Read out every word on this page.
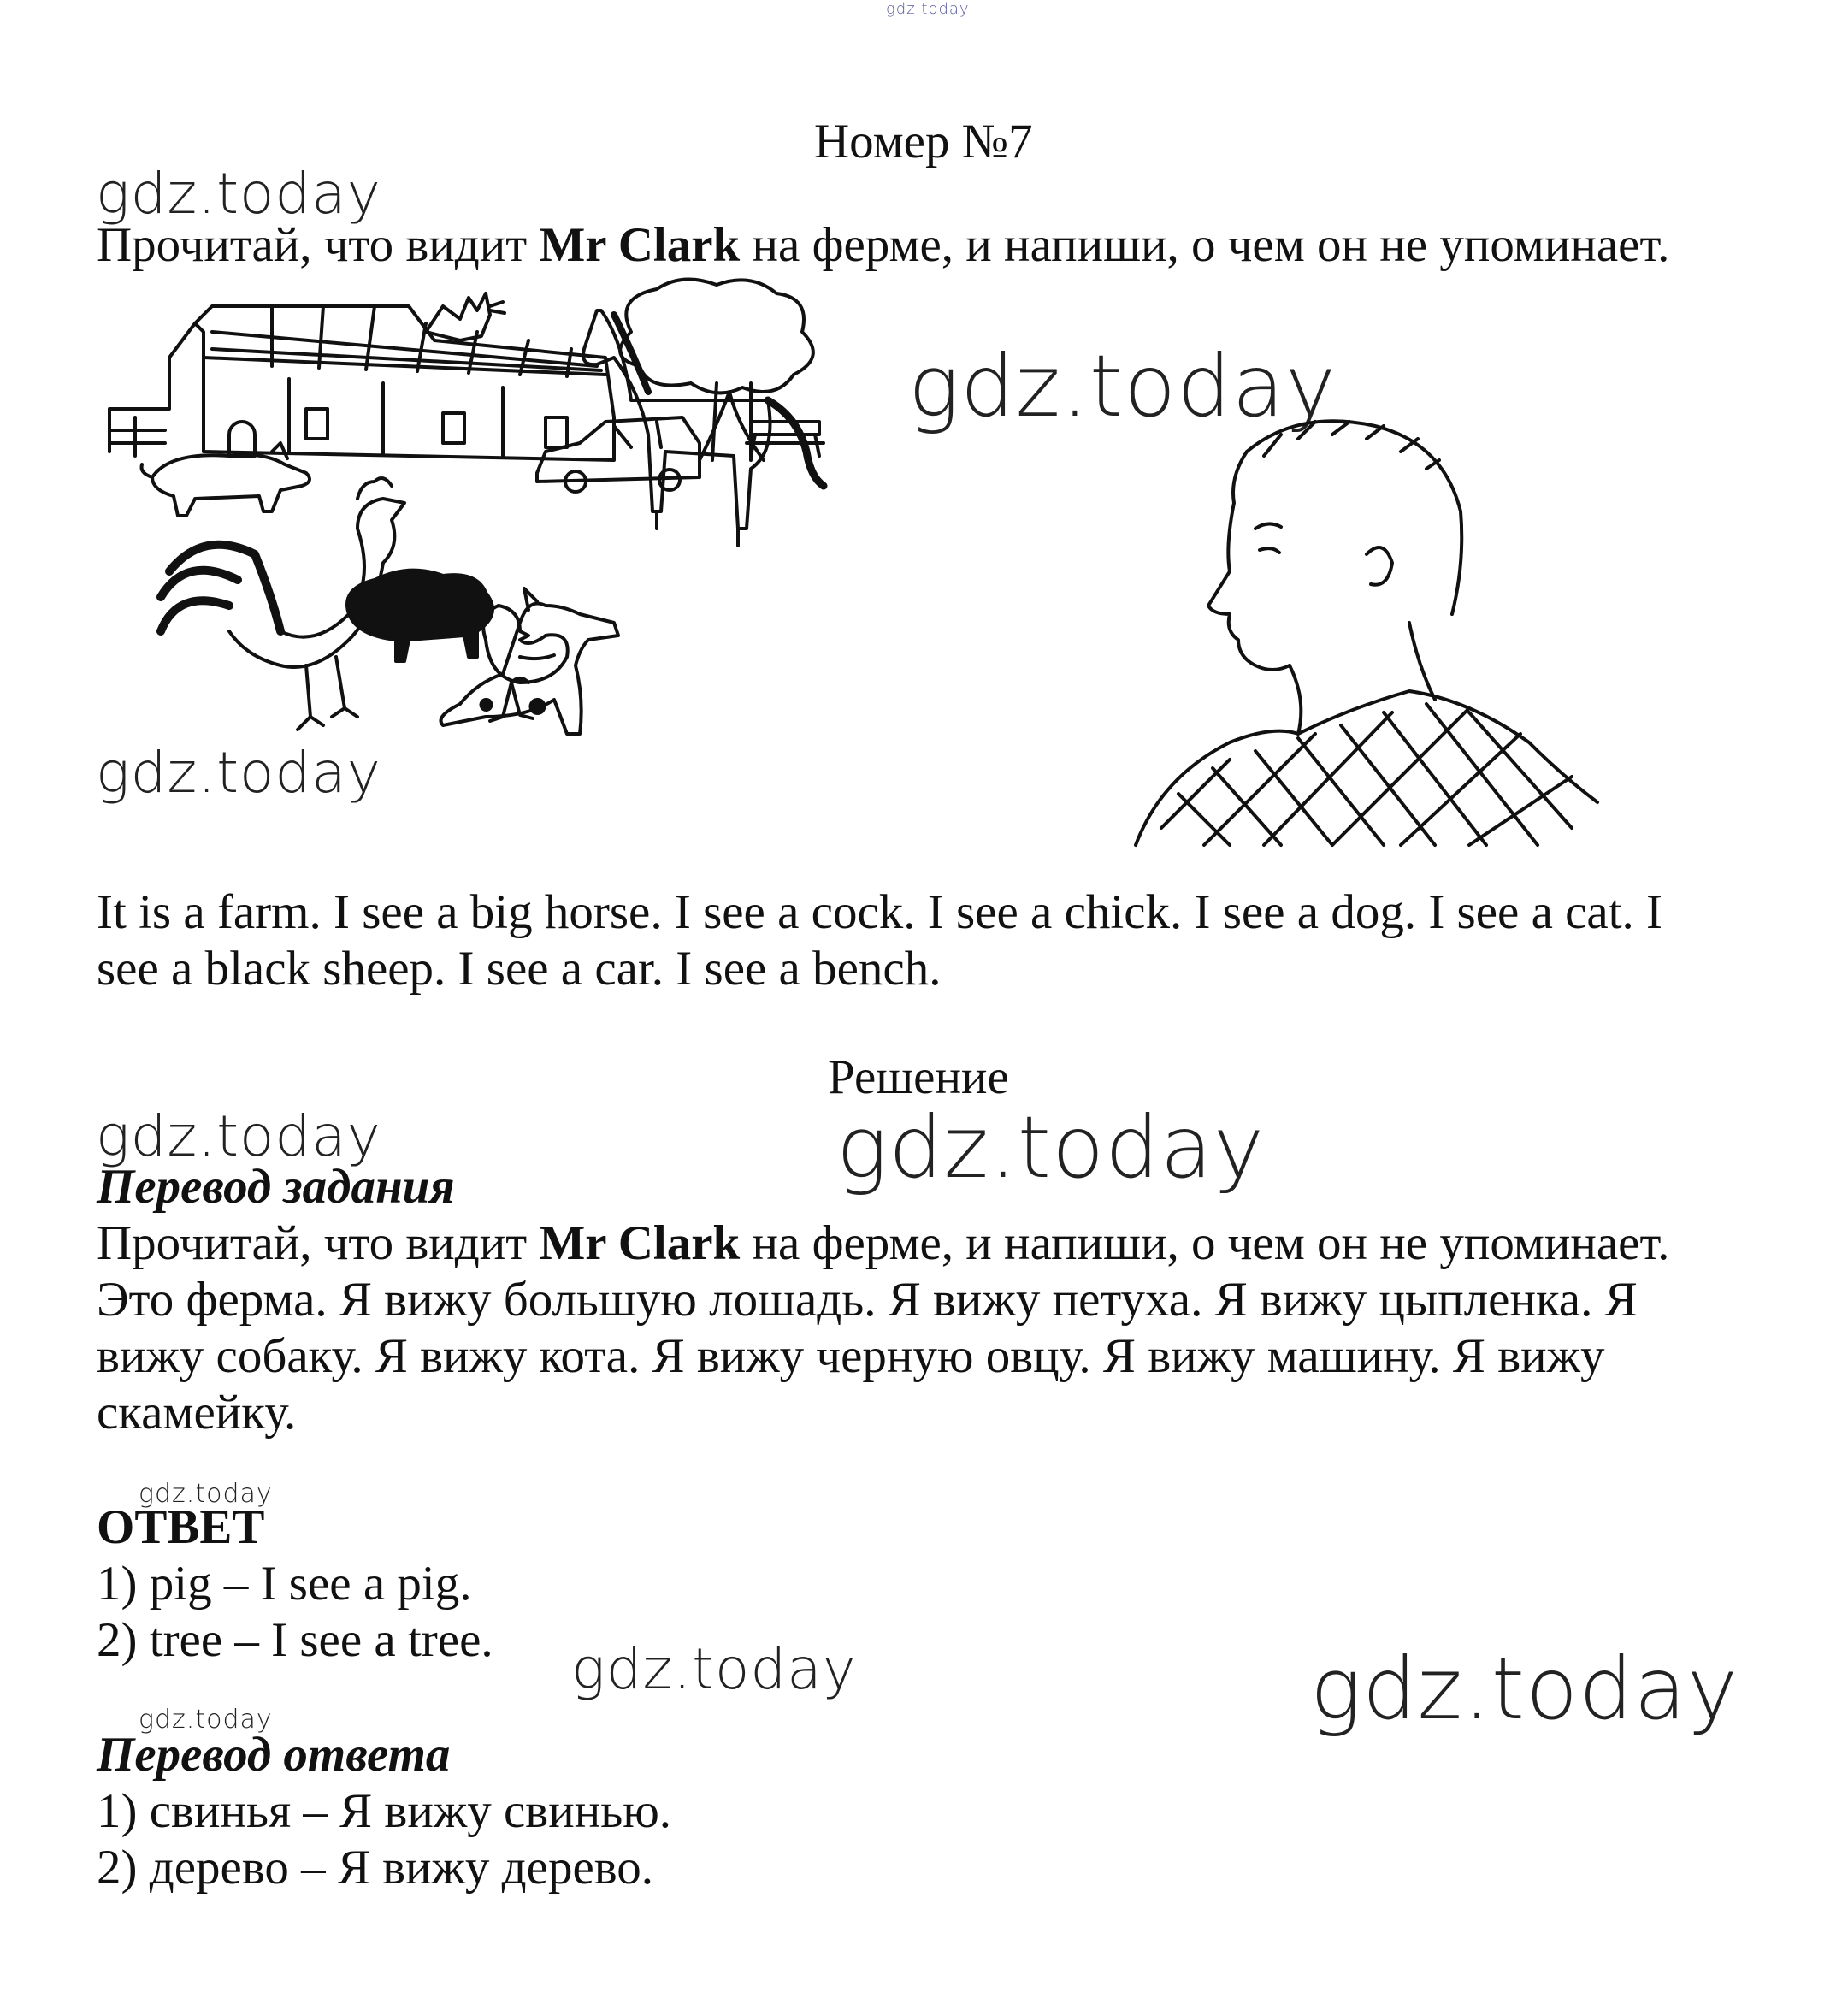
gdz.today
Номер №7
gdz.today
gdz.today
gdz.today
gdz.today	gdz.today
gdz.today
gdz.today	gdz.today
gdz.today
Прочитай, что видит Mr Clark на ферме, и напиши, о чем он не упоминает.
It is a farm. I see a big horse. I see a cock. I see a chick. I see a dog. I see a cat. I
see a black sheep. I see a car. I see a bench.
Решение
Перевод задания
Прочитай, что видит Mr Clark на ферме, и напиши, о чем он не упоминает.
Это ферма. Я вижу большую лошадь. Я вижу петуха. Я вижу цыпленка. Я
вижу собаку. Я вижу кота. Я вижу черную овцу. Я вижу машину. Я вижу
скамейку.
ОТВЕТ
1) pig – I see a pig.
2) tree – I see a tree.
Перевод ответа
1) свинья – Я вижу свинью.
2) дерево – Я вижу дерево.
